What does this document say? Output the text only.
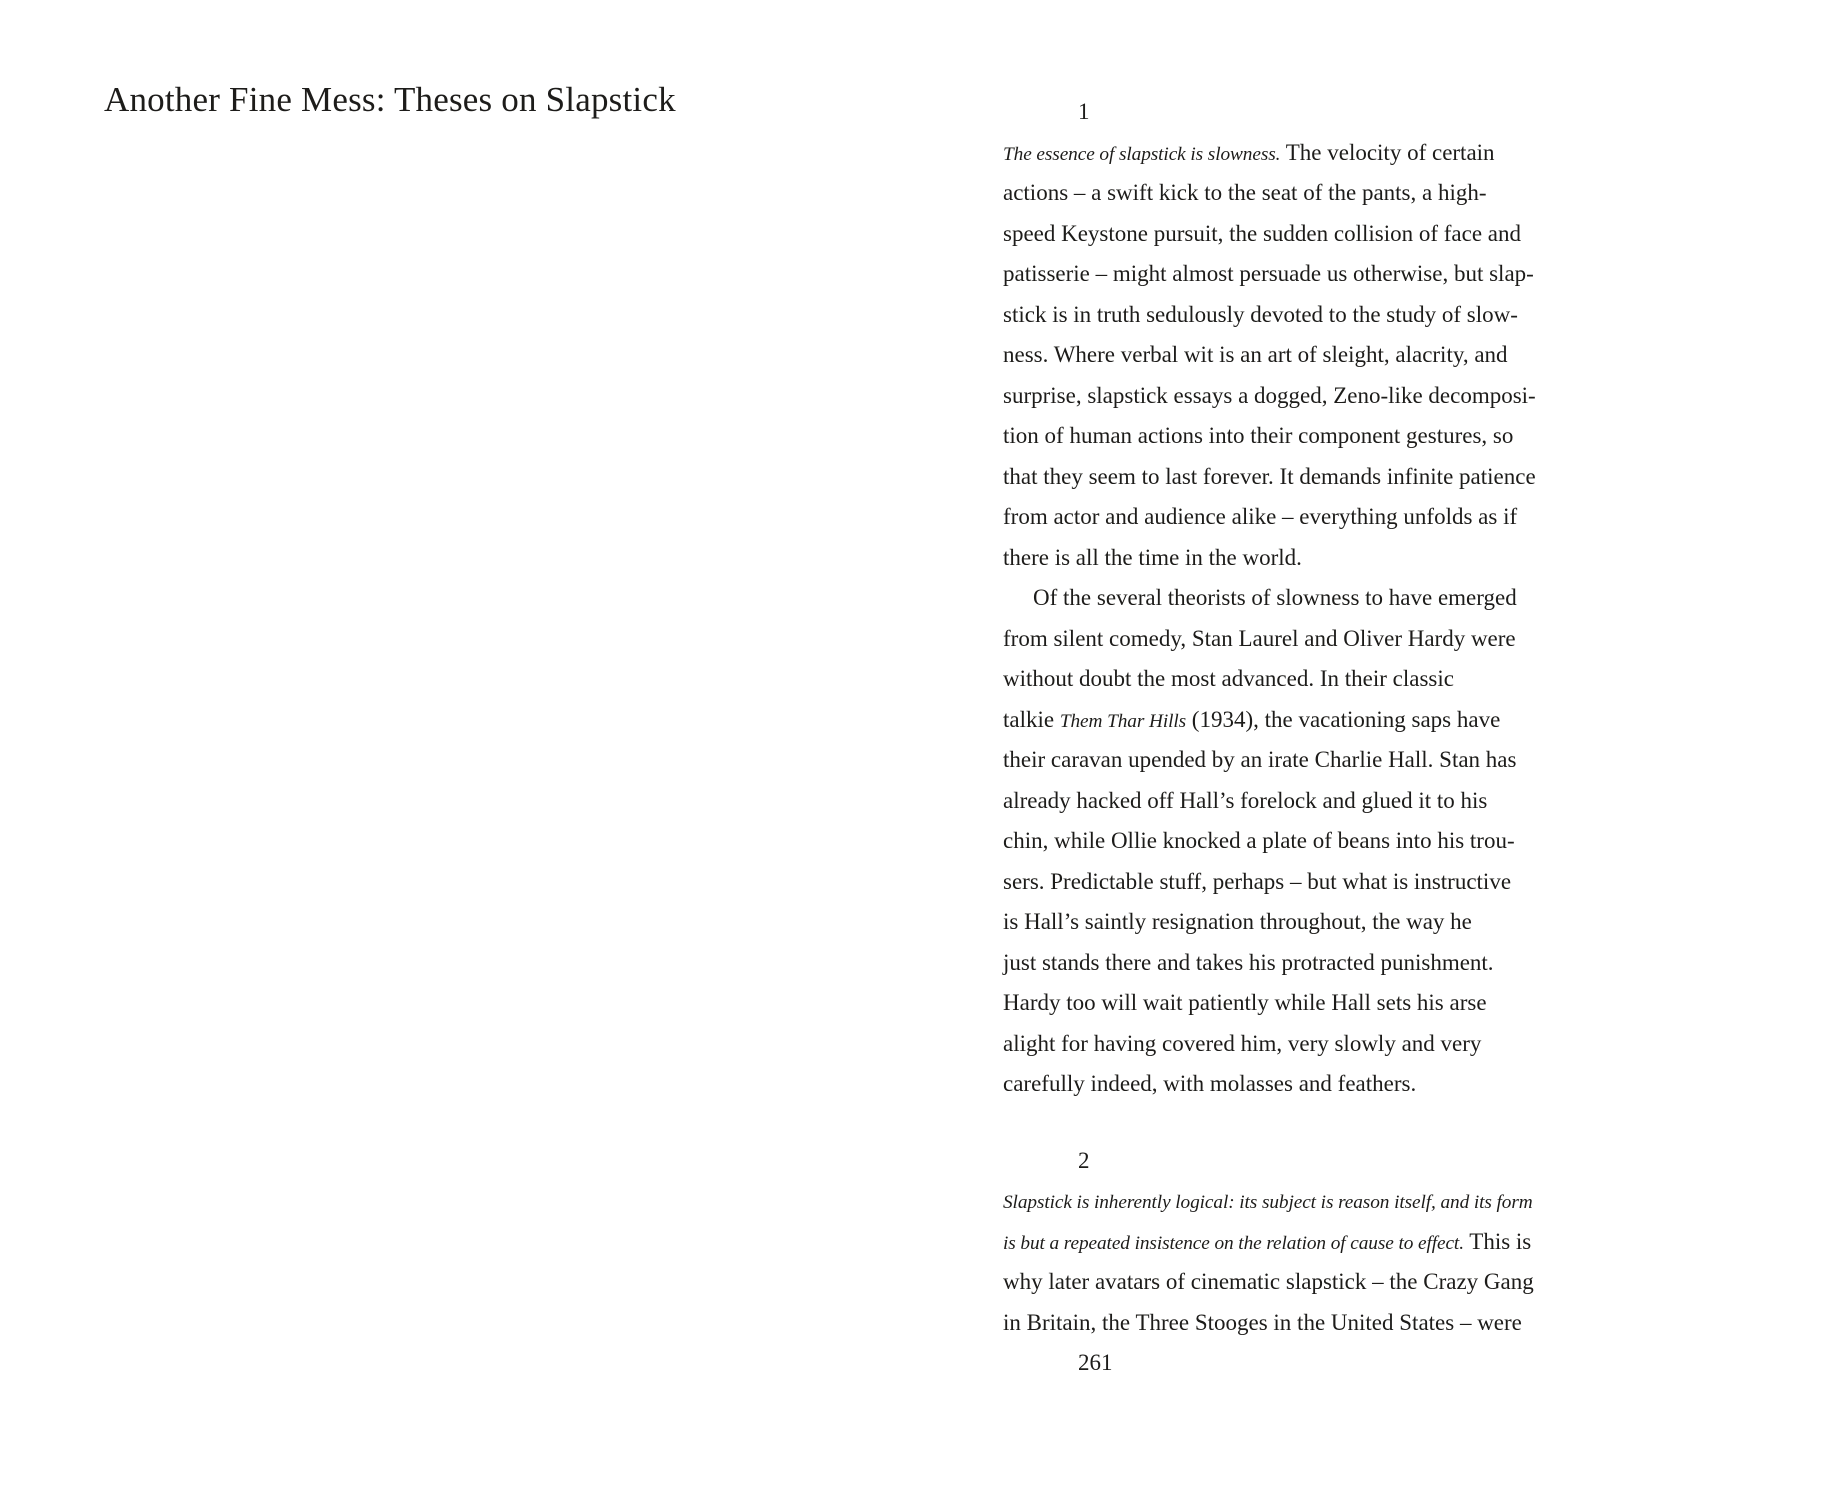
Another Fine Mess: Theses on Slapstick	1
The essence of slapstick is slowness. The velocity of certain
actions – a swift kick to the seat of the pants, a high-
speed Keystone pursuit, the sudden collision of face and
patisserie – might almost persuade us otherwise, but slap-
stick is in truth sedulously devoted to the study of slow-
ness. Where verbal wit is an art of sleight, alacrity, and
surprise, slapstick essays a dogged, Zeno-like decomposi-
tion of human actions into their component gestures, so
that they seem to last forever. It demands infinite patience
from actor and audience alike – everything unfolds as if
there is all the time in the world.
Of the several theorists of slowness to have emerged
from silent comedy, Stan Laurel and Oliver Hardy were
without doubt the most advanced. In their classic
talkie Them Thar Hills (1934), the vacationing saps have
their caravan upended by an irate Charlie Hall. Stan has
already hacked off Hall’s forelock and glued it to his
chin, while Ollie knocked a plate of beans into his trou-
sers. Predictable stuff, perhaps – but what is instructive
is Hall’s saintly resignation throughout, the way he
just stands there and takes his protracted punishment.
Hardy too will wait patiently while Hall sets his arse
alight for having covered him, very slowly and very
carefully indeed, with molasses and feathers.
2
Slapstick is inherently logical: its subject is reason itself, and its form
is but a repeated insistence on the relation of cause to effect. This is
why later avatars of cinematic slapstick – the Crazy Gang
in Britain, the Three Stooges in the United States – were
261
